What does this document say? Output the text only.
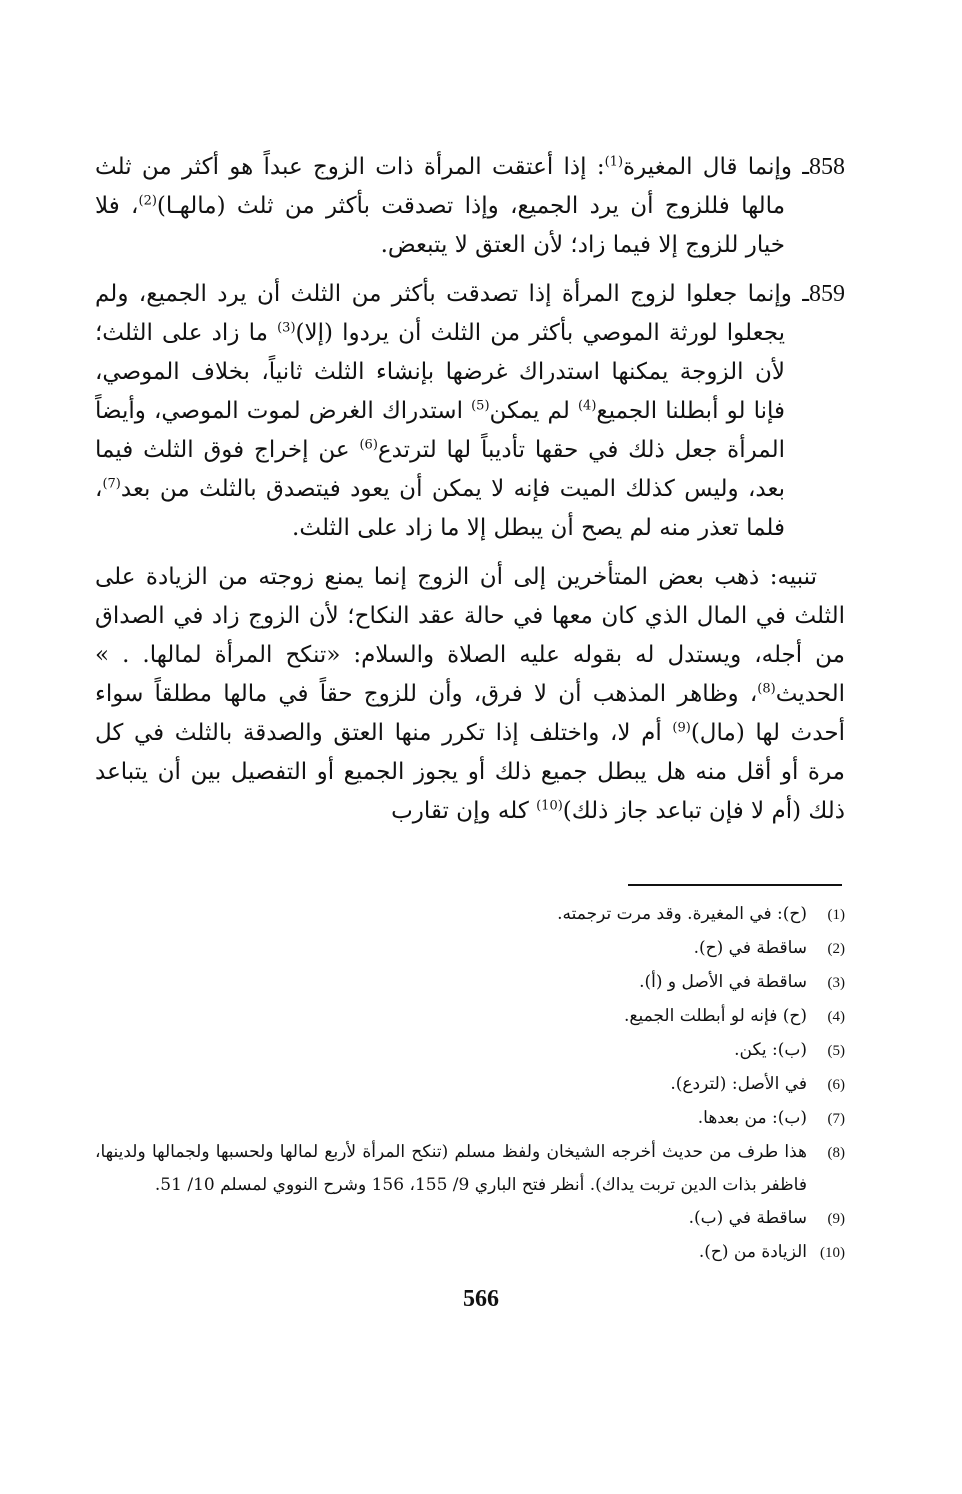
858ـ وإنما قال المغيرة$^{(1)}$: إذا أعتقت المرأة ذات الزوج عبداً هو أكثر من ثلث مالها فللزوج أن يرد الجميع، وإذا تصدقت بأكثر من ثلث (مالهـا)$^{(2)}$، فلا خيار للزوج إلا فيما زاد؛ لأن العتق لا يتبعض.

859ـ وإنما جعلوا لزوج المرأة إذا تصدقت بأكثر من الثلث أن يرد الجميع، ولم يجعلوا لورثة الموصي بأكثر من الثلث أن يردوا (إلا)$^{(3)}$ ما زاد على الثلث؛ لأن الزوجة يمكنها استدراك غرضها بإنشاء الثلث ثانياً، بخلاف الموصي، فإنا لو أبطلنا الجميع$^{(4)}$ لم يمكن$^{(5)}$ استدراك الغرض لموت الموصي، وأيضاً المرأة جعل ذلك في حقها تأديباً لها لترتدع$^{(6)}$ عن إخراج فوق الثلث فيما بعد، وليس كذلك الميت فإنه لا يمكن أن يعود فيتصدق بالثلث من بعد$^{(7)}$، فلما تعذر منه لم يصح أن يبطل إلا ما زاد على الثلث.

تنبيه: ذهب بعض المتأخرين إلى أن الزوج إنما يمنع زوجته من الزيادة على الثلث في المال الذي كان معها في حالة عقد النكاح؛ لأن الزوج زاد في الصداق من أجله، ويستدل له بقوله عليه الصلاة والسلام: «تنكح المرأة لمالها. . » الحديث$^{(8)}$، وظاهر المذهب أن لا فرق، وأن للزوج حقاً في مالها مطلقاً سواء أحدث لها (مال)$^{(9)}$ أم لا، واختلف إذا تكرر منها العتق والصدقة بالثلث في كل مرة أو أقل منه هل يبطل جميع ذلك أو يجوز الجميع أو التفصيل بين أن يتباعد ذلك (أم لا فإن تباعد جاز ذلك)$^{(10)}$ كله وإن تقارب

(1)
(ح): في المغيرة. وقد مرت ترجمته.
(2)
ساقطة في (ح).
(3)
ساقطة في الأصل و (أ).
(4)
(ح) فإنه لو أبطلت الجميع.
(5)
(ب): يكن.
(6)
في الأصل: (لتردع).
(7)
(ب): من بعدها.
(8)
هذا طرف من حديث أخرجه الشيخان ولفظ مسلم (تنكح المرأة لأربع لمالها ولحسبها ولجمالها ولدينها، فاظفر بذات الدين تربت يداك). أنظر فتح الباري 9/ 155، 156 وشرح النووي لمسلم 10/ 51.
(9)
ساقطة في (ب).
(10)
الزيادة من (ح).
566
